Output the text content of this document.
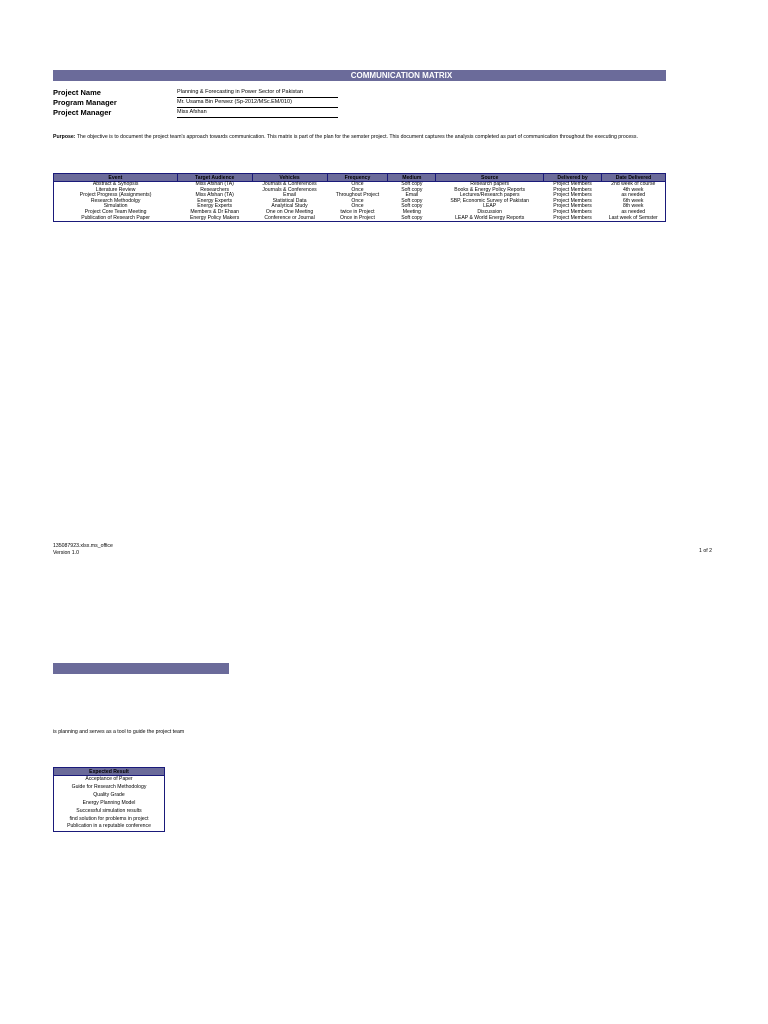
COMMUNICATION MATRIX
Project Name	Planning & Forecasting in Power Sector of Pakistan
Program Manager	Mr. Usama Bin Perwez (Sp-2012/MSc.EM/010)
Project Manager	Miss Afshan
Purpose: The objective is to document the project team's approach towards communication. This matrix is part of the plan for the semster project. This document captures the analysis completed as part of communication throughout the executing process.
Event	Target Audience	Vehicles	Frequency	Medium	Source	Delivered by	Date Delivered
Abstract & Synopsis	Miss Afshan (TA)	Journals & Conferences	Once	Soft copy	Research papers	Project Members	2nd week of course
Literature Review	Researchers	Journals & Conferences	Once	Soft copy	Books & Energy Policy Reports	Project Members	4th week
Project Progress (Assignments)	Miss Afshan (TA)	Email	Throughout Project	Email	Lectures/Research papers	Project Members	as needed
Research Methodolgy	Energy Experts	Statistical Data	Once	Soft copy	SBP, Economic Survey of Pakistan	Project Members	6th week
Simulation	Energy Experts	Analytical Study	Once	Soft copy	LEAP	Project Members	8th week
Project Core Team Meeting	Members & Dr Ehsan	One on One Meeting	twice in Project	Meeting	Discussion	Project Members	as needed
Publication of Research Paper	Energy Policy Makers	Conference or Journal	Once in Project	Soft copy	LEAP & World Energy Reports	Project Members	Last week of Semster
135087923.xlsx.ms_office
Version 1.0	1 of 2
is planning and serves as a tool to guide the project team
Expected Result
Acceptance of Paper
Guide for Research Methodology
Quality Grade
Energy Planning Model
Successful simulation results
find solution for problems in project
Publication in a reputable conference
